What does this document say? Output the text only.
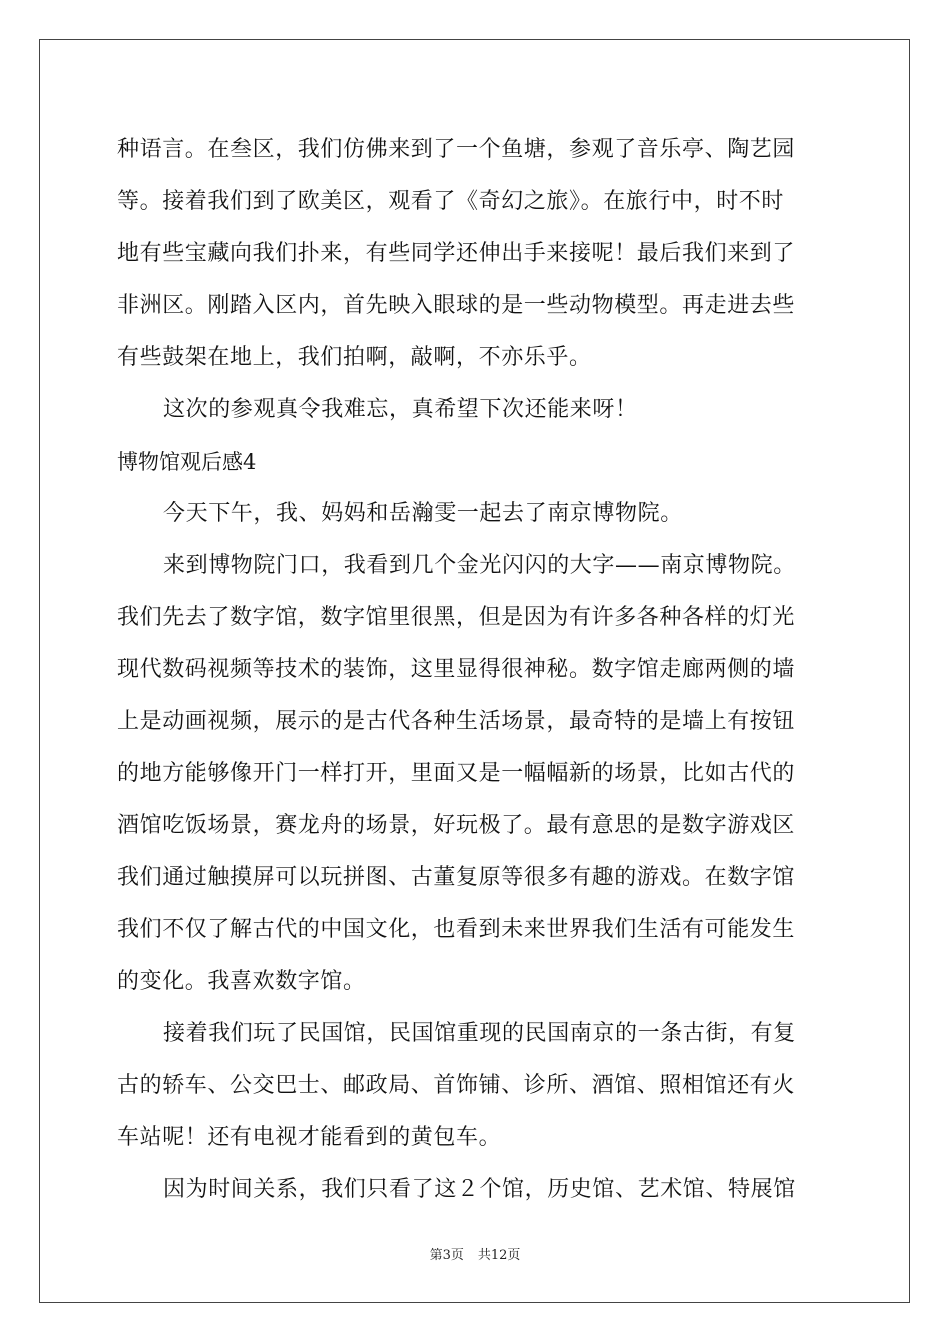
种语言。在叁区，我们仿佛来到了一个鱼塘，参观了音乐亭、陶艺园
等。接着我们到了欧美区，观看了《奇幻之旅》。在旅行中，时不时
地有些宝藏向我们扑来，有些同学还伸出手来接呢！最后我们来到了
非洲区。刚踏入区内，首先映入眼球的是一些动物模型。再走进去些
有些鼓架在地上，我们拍啊，敲啊，不亦乐乎。
这次的参观真令我难忘，真希望下次还能来呀！
博物馆观后感4
今天下午，我、妈妈和岳瀚雯一起去了南京博物院。
来到博物院门口，我看到几个金光闪闪的大字——南京博物院。
我们先去了数字馆，数字馆里很黑，但是因为有许多各种各样的灯光
现代数码视频等技术的装饰，这里显得很神秘。数字馆走廊两侧的墙
上是动画视频，展示的是古代各种生活场景，最奇特的是墙上有按钮
的地方能够像开门一样打开，里面又是一幅幅新的场景，比如古代的
酒馆吃饭场景，赛龙舟的场景，好玩极了。最有意思的是数字游戏区
我们通过触摸屏可以玩拼图、古董复原等很多有趣的游戏。在数字馆
我们不仅了解古代的中国文化，也看到未来世界我们生活有可能发生
的变化。我喜欢数字馆。
接着我们玩了民国馆，民国馆重现的民国南京的一条古街，有复
古的轿车、公交巴士、邮政局、首饰铺、诊所、酒馆、照相馆还有火
车站呢！还有电视才能看到的黄包车。
因为时间关系，我们只看了这２个馆，历史馆、艺术馆、特展馆
第3页 共12页
